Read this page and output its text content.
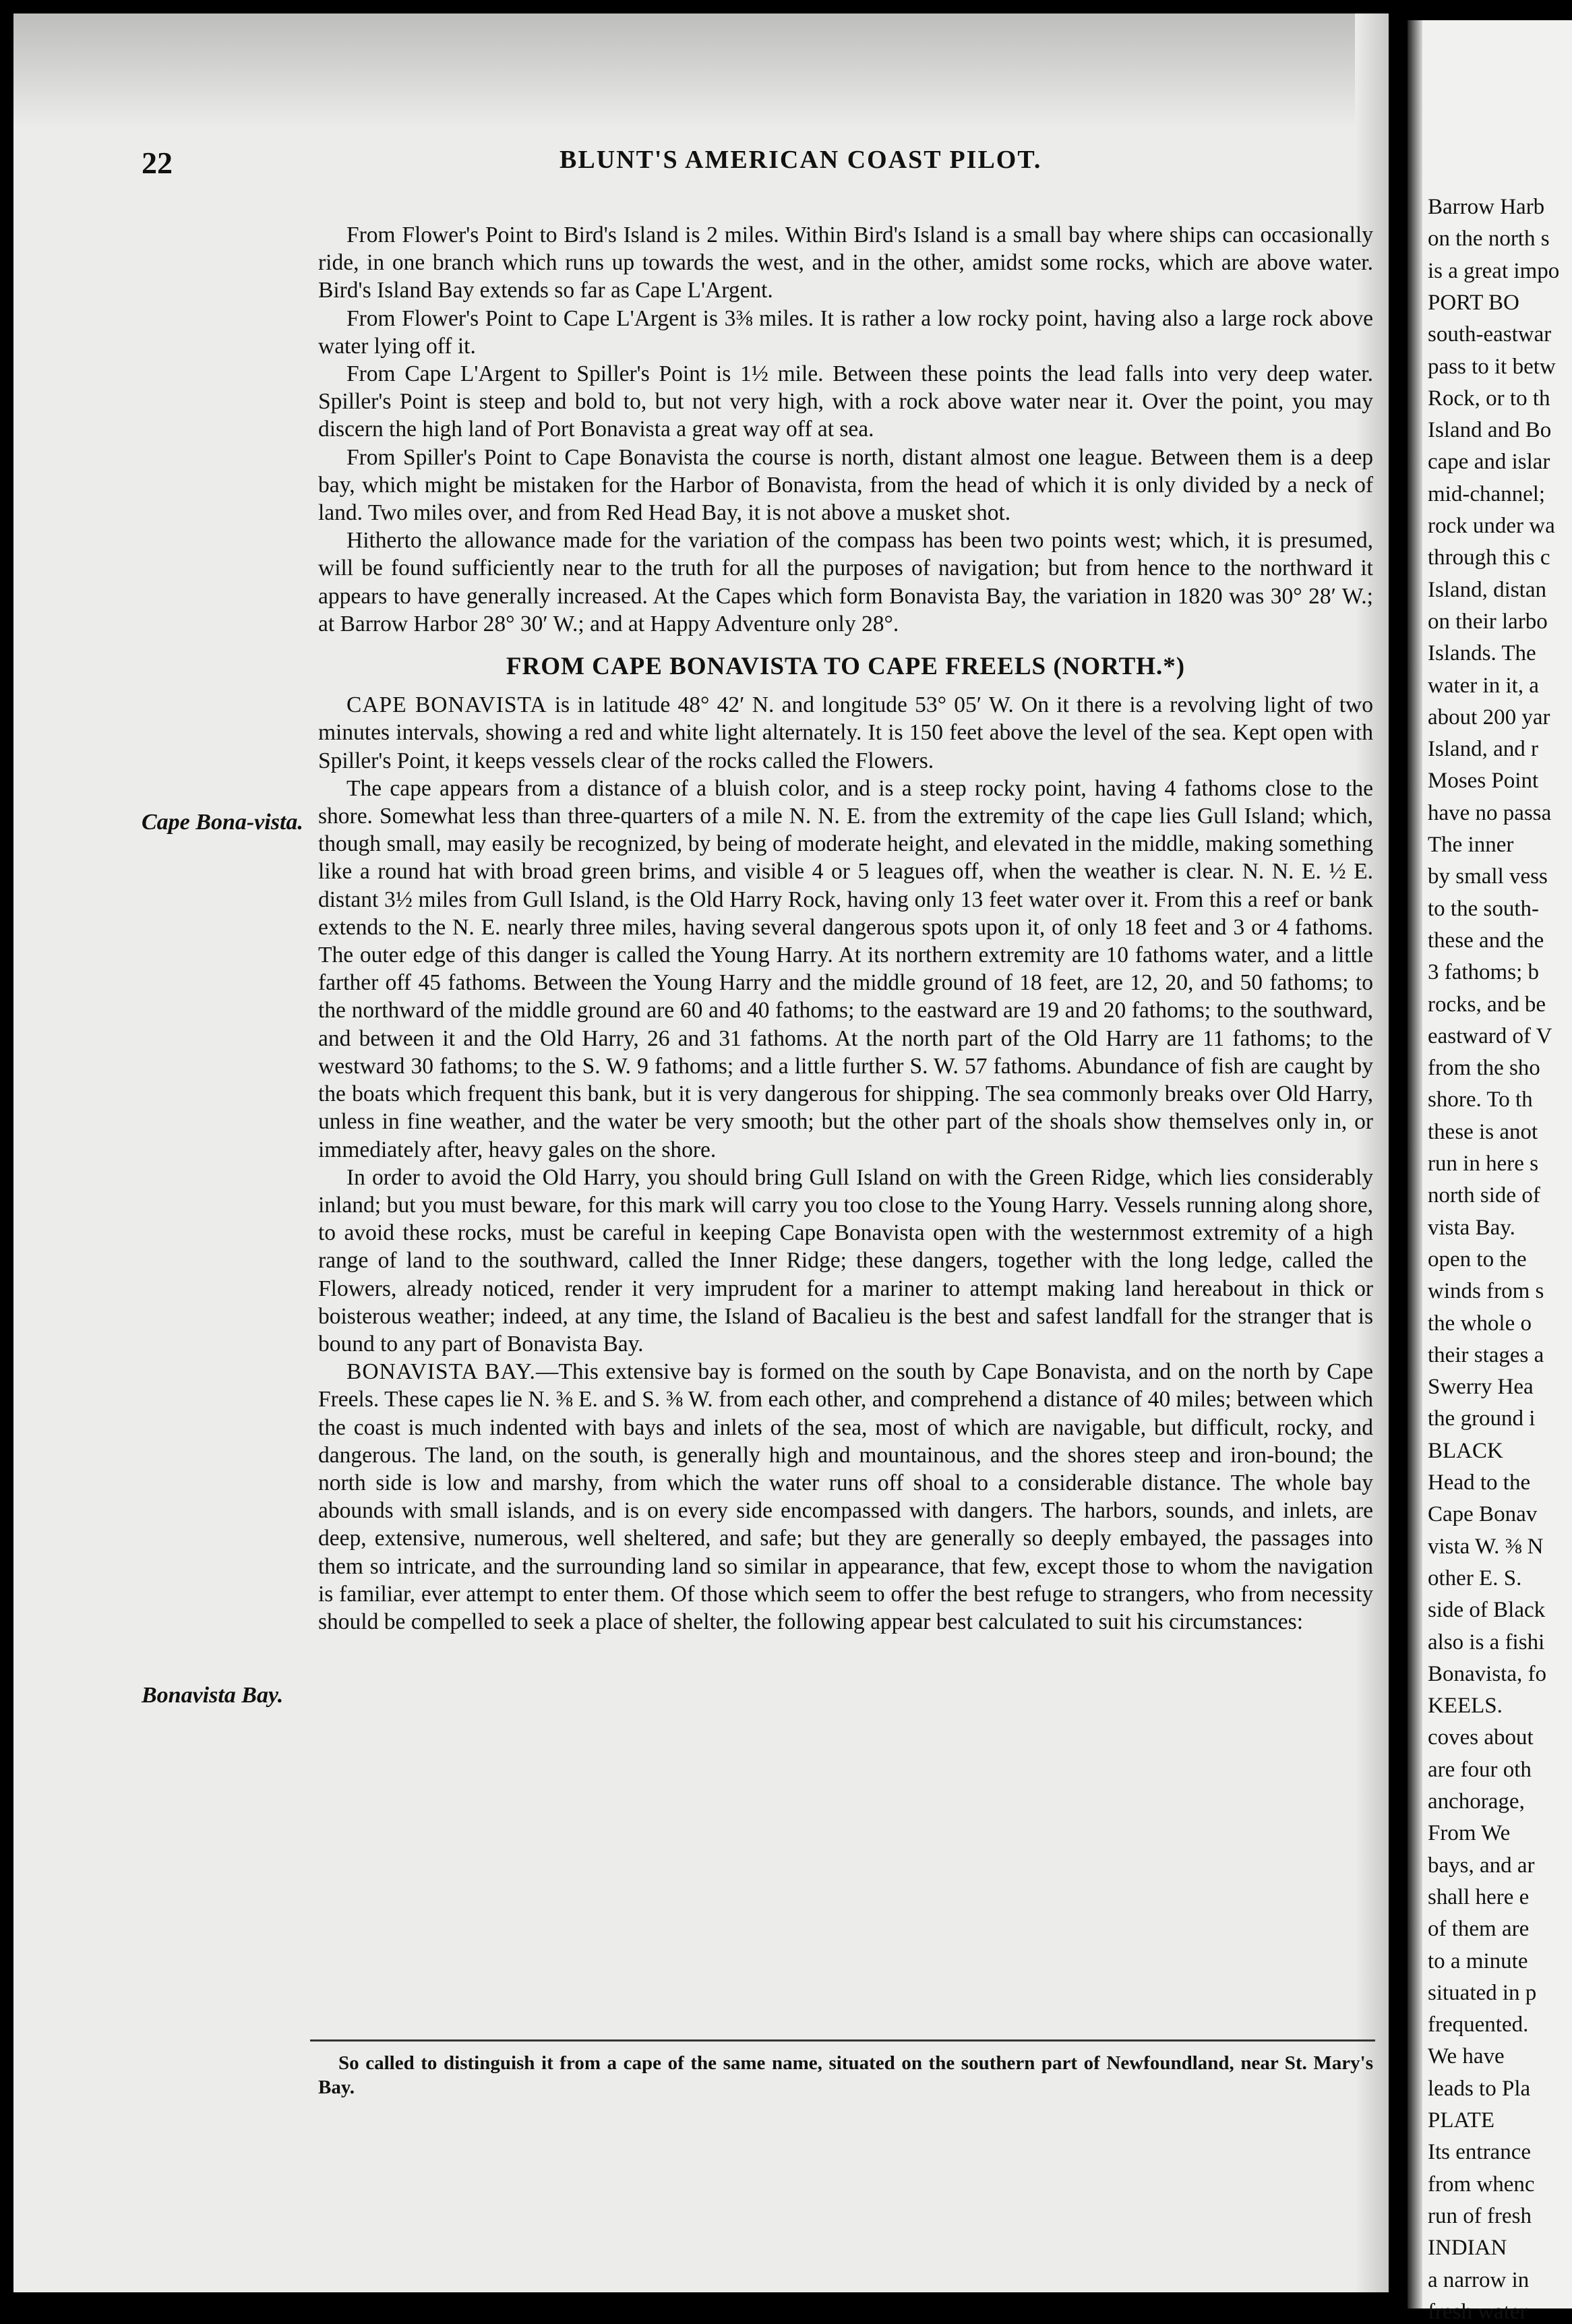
22	BLUNT'S AMERICAN COAST PILOT.
Cape Bona-vista.
Bonavista Bay.

From Flower's Point to Bird's Island is 2 miles. Within Bird's Island is a small bay where ships can occasionally ride, in one branch which runs up towards the west, and in the other, amidst some rocks, which are above water. Bird's Island Bay extends so far as Cape L'Argent.

From Flower's Point to Cape L'Argent is 3⅜ miles. It is rather a low rocky point, having also a large rock above water lying off it.

From Cape L'Argent to Spiller's Point is 1½ mile. Between these points the lead falls into very deep water. Spiller's Point is steep and bold to, but not very high, with a rock above water near it. Over the point, you may discern the high land of Port Bonavista a great way off at sea.

From Spiller's Point to Cape Bonavista the course is north, distant almost one league. Between them is a deep bay, which might be mistaken for the Harbor of Bonavista, from the head of which it is only divided by a neck of land. Two miles over, and from Red Head Bay, it is not above a musket shot.

Hitherto the allowance made for the variation of the compass has been two points west; which, it is presumed, will be found sufficiently near to the truth for all the purposes of navigation; but from hence to the northward it appears to have generally increased. At the Capes which form Bonavista Bay, the variation in 1820 was 30° 28′ W.; at Barrow Harbor 28° 30′ W.; and at Happy Adventure only 28°.

FROM CAPE BONAVISTA TO CAPE FREELS (NORTH.*)

CAPE BONAVISTA is in latitude 48° 42′ N. and longitude 53° 05′ W. On it there is a revolving light of two minutes intervals, showing a red and white light alternately. It is 150 feet above the level of the sea. Kept open with Spiller's Point, it keeps vessels clear of the rocks called the Flowers.

The cape appears from a distance of a bluish color, and is a steep rocky point, having 4 fathoms close to the shore. Somewhat less than three-quarters of a mile N. N. E. from the extremity of the cape lies Gull Island; which, though small, may easily be recognized, by being of moderate height, and elevated in the middle, making something like a round hat with broad green brims, and visible 4 or 5 leagues off, when the weather is clear. N. N. E. ½ E. distant 3½ miles from Gull Island, is the Old Harry Rock, having only 13 feet water over it. From this a reef or bank extends to the N. E. nearly three miles, having several dangerous spots upon it, of only 18 feet and 3 or 4 fathoms. The outer edge of this danger is called the Young Harry. At its northern extremity are 10 fathoms water, and a little farther off 45 fathoms. Between the Young Harry and the middle ground of 18 feet, are 12, 20, and 50 fathoms; to the northward of the middle ground are 60 and 40 fathoms; to the eastward are 19 and 20 fathoms; to the southward, and between it and the Old Harry, 26 and 31 fathoms. At the north part of the Old Harry are 11 fathoms; to the westward 30 fathoms; to the S. W. 9 fathoms; and a little further S. W. 57 fathoms. Abundance of fish are caught by the boats which frequent this bank, but it is very dangerous for shipping. The sea commonly breaks over Old Harry, unless in fine weather, and the water be very smooth; but the other part of the shoals show themselves only in, or immediately after, heavy gales on the shore.

In order to avoid the Old Harry, you should bring Gull Island on with the Green Ridge, which lies considerably inland; but you must beware, for this mark will carry you too close to the Young Harry. Vessels running along shore, to avoid these rocks, must be careful in keeping Cape Bonavista open with the westernmost extremity of a high range of land to the southward, called the Inner Ridge; these dangers, together with the long ledge, called the Flowers, already noticed, render it very imprudent for a mariner to attempt making land hereabout in thick or boisterous weather; indeed, at any time, the Island of Bacalieu is the best and safest landfall for the stranger that is bound to any part of Bonavista Bay.

BONAVISTA BAY.—This extensive bay is formed on the south by Cape Bonavista, and on the north by Cape Freels. These capes lie N. ⅜ E. and S. ⅜ W. from each other, and comprehend a distance of 40 miles; between which the coast is much indented with bays and inlets of the sea, most of which are navigable, but difficult, rocky, and dangerous. The land, on the south, is generally high and mountainous, and the shores steep and iron-bound; the north side is low and marshy, from which the water runs off shoal to a considerable distance. The whole bay abounds with small islands, and is on every side encompassed with dangers. The harbors, sounds, and inlets, are deep, extensive, numerous, well sheltered, and safe; but they are generally so deeply embayed, the passages into them so intricate, and the surrounding land so similar in appearance, that few, except those to whom the navigation is familiar, ever attempt to enter them. Of those which seem to offer the best refuge to strangers, who from necessity should be compelled to seek a place of shelter, the following appear best calculated to suit his circumstances:

So called to distinguish it from a cape of the same name, situated on the southern part of Newfoundland, near St. Mary's Bay.

Barrow Harb
on the north s
is a great impo
PORT BO
south-eastwar
pass to it betw
Rock, or to th
Island and Bo
cape and islar
mid-channel;
rock under wa
through this c
Island, distan
on their larbo
Islands. The
water in it, a
about 200 yar
Island, and r
Moses Point
have no passa
The inner
by small vess
to the south-
these and the
3 fathoms; b
rocks, and be
eastward of V
from the sho
shore. To th
these is anot
run in here s
north side of
vista Bay.
open to the
winds from s
the whole o
their stages a
Swerry Hea
the ground i
BLACK
Head to the
Cape Bonav
vista W. ⅜ N
other E. S.
side of Black
also is a fishi
Bonavista, fo
KEELS.
coves about
are four oth
anchorage,
From We
bays, and ar
shall here e
of them are
to a minute
situated in p
frequented.
We have
leads to Pla
PLATE
Its entrance
from whenc
run of fresh
INDIAN
a narrow in
fresh water
